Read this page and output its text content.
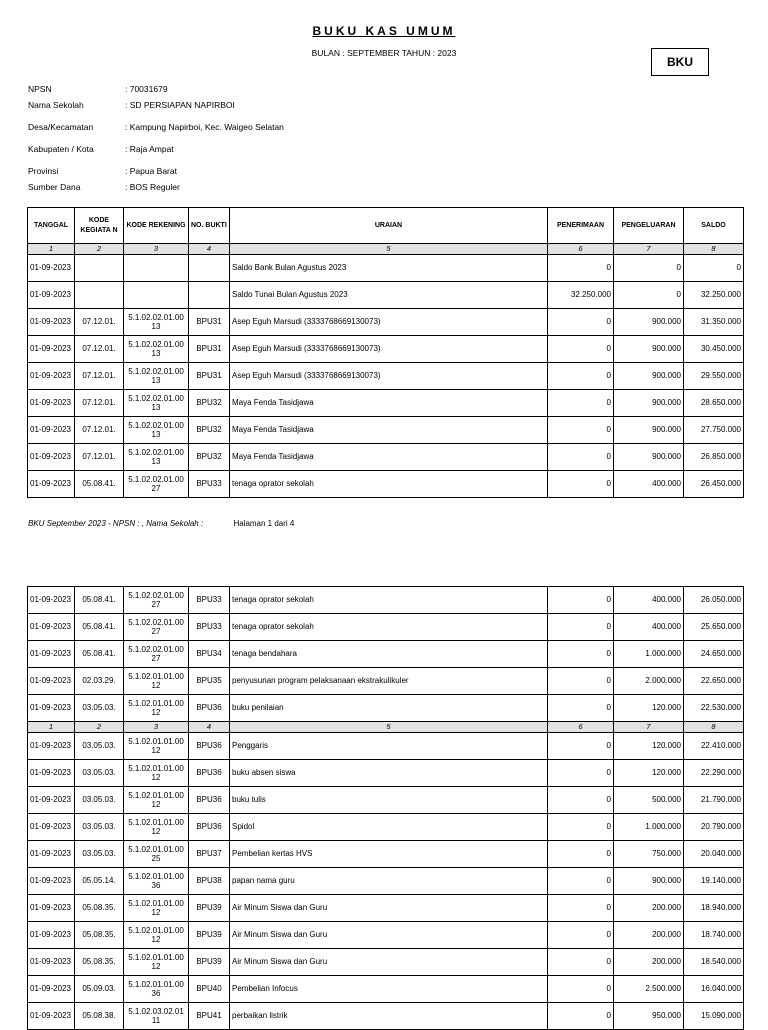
BUKU KAS UMUM
BULAN : SEPTEMBER TAHUN : 2023
BKU
NPSN	: 70031679
Nama Sekolah	: SD PERSIAPAN NAPIRBOI
Desa/Kecamatan	: Kampung Napirboi, Kec. Waigeo Selatan
Kabupaten / Kota	: Raja Ampat
Provinsi	: Papua Barat
Sumber Dana	: BOS Reguler
TANGGAL	KODE KEGIATA N	KODE REKENING	NO. BUKTI	URAIAN	PENERIMAAN	PENGELUARAN	SALDO
1	2	3	4	5	6	7	8
01-09-2023				Saldo Bank Bulan Agustus 2023	0	0	0
01-09-2023				Saldo Tunai Bulan Agustus 2023	32.250.000	0	32.250.000
01-09-2023	07.12.01.	5.1.02.02.01.00 13	BPU31	Asep Eguh Marsudi (3333768669130073)	0	900.000	31.350.000
01-09-2023	07.12.01.	5.1.02.02.01.00 13	BPU31	Asep Eguh Marsudi (3333768669130073)	0	900.000	30.450.000
01-09-2023	07.12.01.	5.1.02.02.01.00 13	BPU31	Asep Eguh Marsudi (3333768669130073)	0	900.000	29.550.000
01-09-2023	07.12.01.	5.1.02.02.01.00 13	BPU32	Maya Fenda Tasidjawa	0	900.000	28.650.000
01-09-2023	07.12.01.	5.1.02.02.01.00 13	BPU32	Maya Fenda Tasidjawa	0	900.000	27.750.000
01-09-2023	07.12.01.	5.1.02.02.01.00 13	BPU32	Maya Fenda Tasidjawa	0	900.000	26.850.000
01-09-2023	05.08.41.	5.1.02.02.01.00 27	BPU33	tenaga oprator sekolah	0	400.000	26.450.000
BKU September 2023 - NPSN : , Nama Sekolah :	Halaman 1 dari 4
01-09-2023	05.08.41.	5.1.02.02.01.00 27	BPU33	tenaga oprator sekolah	0	400.000	26.050.000
01-09-2023	05.08.41.	5.1.02.02.01.00 27	BPU33	tenaga oprator sekolah	0	400.000	25.650.000
01-09-2023	05.08.41.	5.1.02.02.01.00 27	BPU34	tenaga bendahara	0	1.000.000	24.650.000
01-09-2023	02.03.29.	5.1.02.01.01.00 12	BPU35	penyusunan program pelaksanaan ekstrakulikuler	0	2.000.000	22.650.000
01-09-2023	03.05.03.	5.1.02.01.01.00 12	BPU36	buku penilaian	0	120.000	22.530.000
1	2	3	4	5	6	7	8
01-09-2023	03.05.03.	5.1.02.01.01.00 12	BPU36	Penggaris	0	120.000	22.410.000
01-09-2023	03.05.03.	5.1.02.01.01.00 12	BPU36	buku absen siswa	0	120.000	22.290.000
01-09-2023	03.05.03.	5.1.02.01.01.00 12	BPU36	buku tulis	0	500.000	21.790.000
01-09-2023	03.05.03.	5.1.02.01.01.00 12	BPU36	Spidol	0	1.000.000	20.790.000
01-09-2023	03.05.03.	5.1.02.01.01.00 25	BPU37	Pembelian kertas HVS	0	750.000	20.040.000
01-09-2023	05.05.14.	5.1.02.01.01.00 36	BPU38	papan nama guru	0	900.000	19.140.000
01-09-2023	05.08.35.	5.1.02.01.01.00 12	BPU39	Air Minum Siswa dan Guru	0	200.000	18.940.000
01-09-2023	05.08.35.	5.1.02.01.01.00 12	BPU39	Air Minum Siswa dan Guru	0	200.000	18.740.000
01-09-2023	05.08.35.	5.1.02.01.01.00 12	BPU39	Air Minum Siswa dan Guru	0	200.000	18.540.000
01-09-2023	05.09.03.	5.1.02.01.01.00 36	BPU40	Pembelian Infocus	0	2.500.000	16.040.000
01-09-2023	05.08.38.	5.1.02.03.02.01 11	BPU41	perbaikan listrik	0	950.000	15.090.000
